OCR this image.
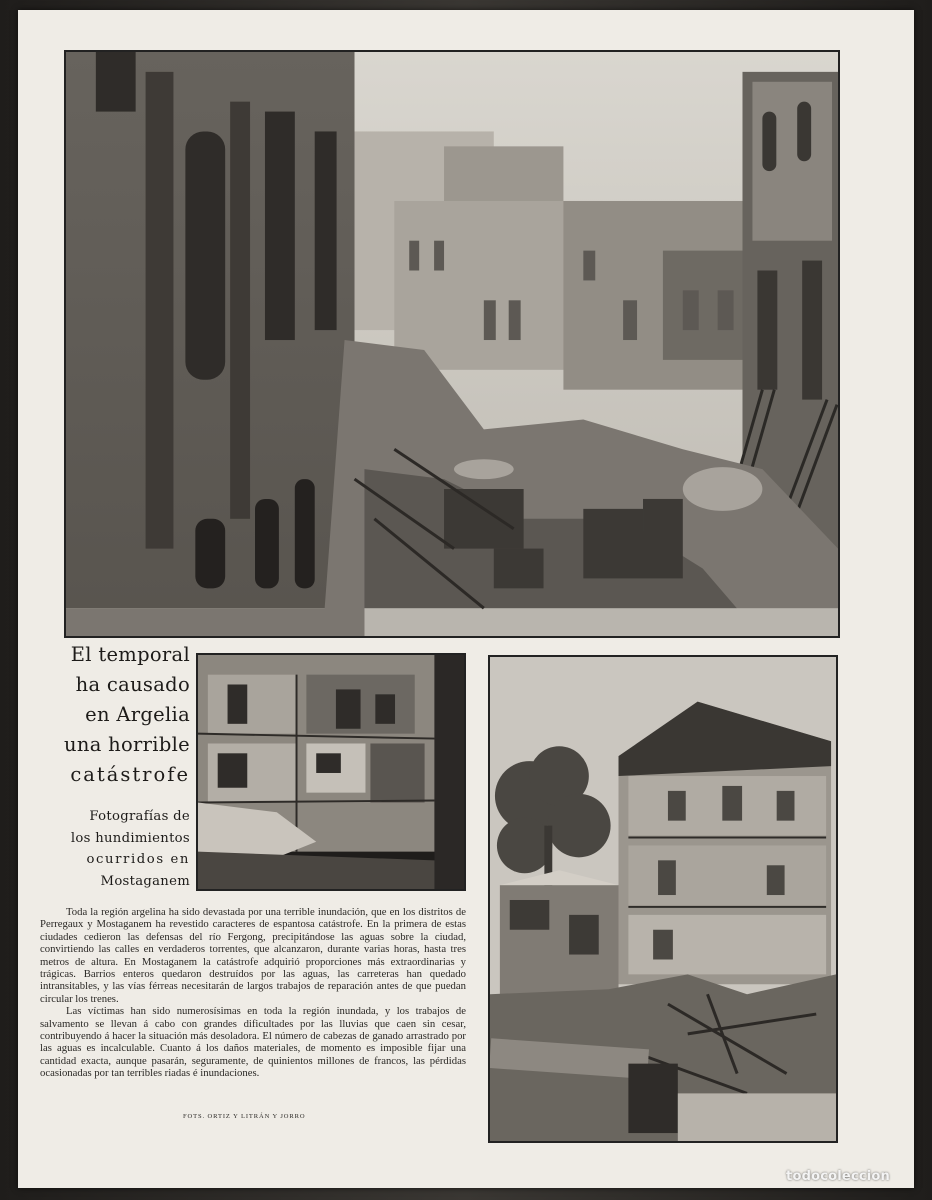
El temporal
ha causado
en Argelia
una horrible
catástrofe
Fotografías de
los hundimientos
ocurridos en
Mostaganem

Toda la región argelina ha sido devastada por una terrible inundación, que en los distritos de Perregaux y Mostaganem ha revestido caracteres de espantosa catástrofe. En la primera de estas ciudades cedieron las defensas del río Fergong, precipitándose las aguas sobre la ciudad, convirtiendo las calles en verdaderos torrentes, que alcanzaron, durante varias horas, hasta tres metros de altura. En Mostaganem la catástrofe adquirió proporciones más extraordinarias y trágicas. Barrios enteros quedaron destruídos por las aguas, las carreteras han quedado intransitables, y las vías férreas necesitarán de largos trabajos de reparación antes de que puedan circular los trenes.

Las víctimas han sido numerosísimas en toda la región inundada, y los trabajos de salvamento se llevan á cabo con grandes dificultades por las lluvias que caen sin cesar, contribuyendo á hacer la situación más desoladora. El número de cabezas de ganado arrastrado por las aguas es incalculable. Cuanto á los daños materiales, de momento es imposible fijar una cantidad exacta, aunque pasarán, seguramente, de quinientos millones de francos, las pérdidas ocasionadas por tan terribles riadas é inundaciones.

FOTS. ORTIZ Y LITRÁN Y JORRO
todocoleccion
